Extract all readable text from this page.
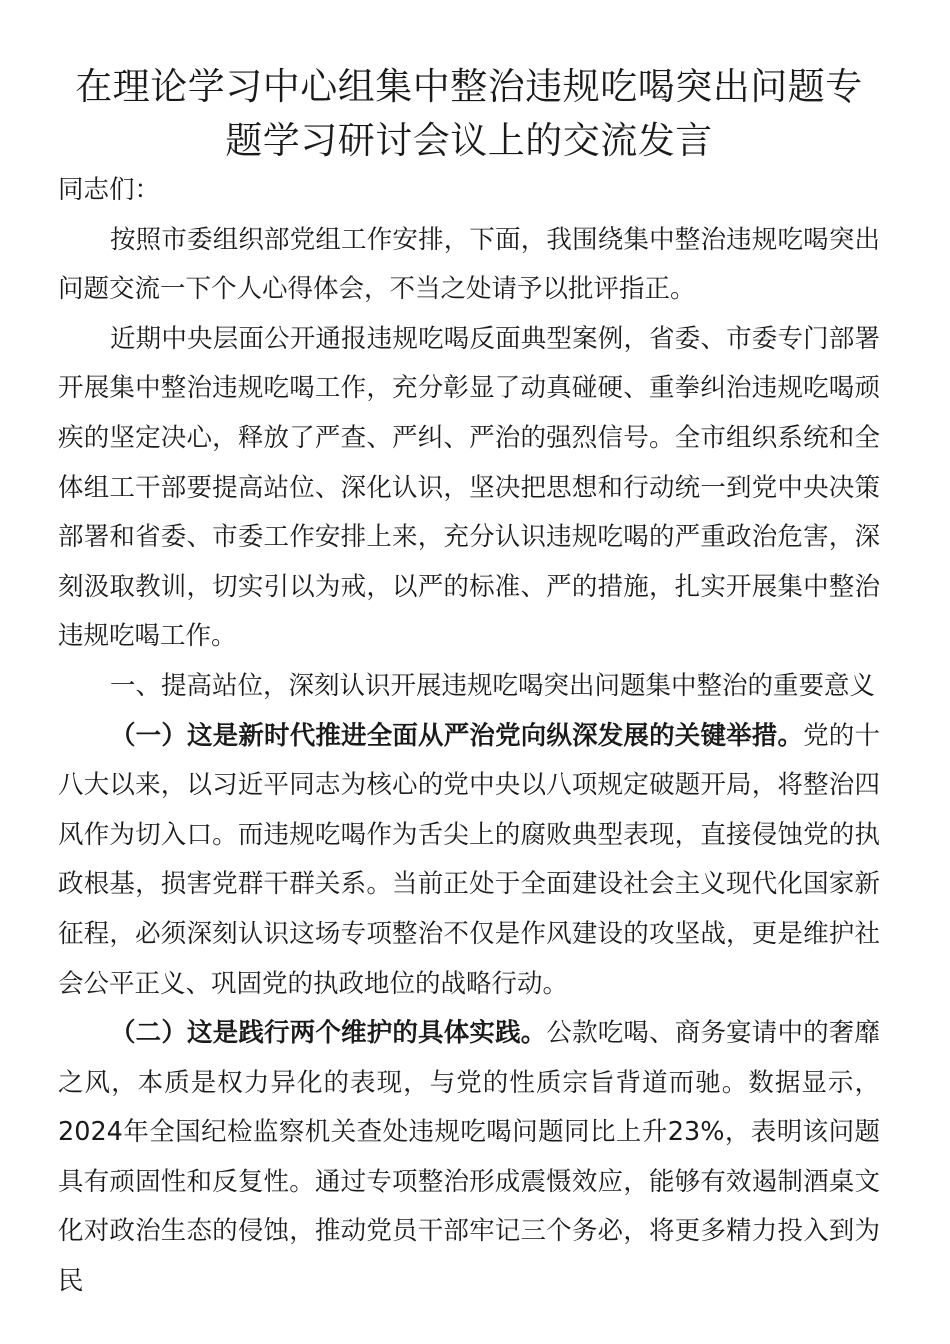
在理论学习中心组集中整治违规吃喝突出问题专题学习研讨会议上的交流发言

同志们：

按照市委组织部党组工作安排，下面，我围绕集中整治违规吃喝突出问题交流一下个人心得体会，不当之处请予以批评指正。

近期中央层面公开通报违规吃喝反面典型案例，省委、市委专门部署开展集中整治违规吃喝工作，充分彰显了动真碰硬、重拳纠治违规吃喝顽疾的坚定决心，释放了严查、严纠、严治的强烈信号。全市组织系统和全体组工干部要提高站位、深化认识，坚决把思想和行动统一到党中央决策部署和省委、市委工作安排上来，充分认识违规吃喝的严重政治危害，深刻汲取教训，切实引以为戒，以严的标准、严的措施，扎实开展集中整治违规吃喝工作。

一、提高站位，深刻认识开展违规吃喝突出问题集中整治的重要意义

（一）这是新时代推进全面从严治党向纵深发展的关键举措。党的十八大以来，以习近平同志为核心的党中央以八项规定破题开局，将整治四风作为切入口。而违规吃喝作为舌尖上的腐败典型表现，直接侵蚀党的执政根基，损害党群干群关系。当前正处于全面建设社会主义现代化国家新征程，必须深刻认识这场专项整治不仅是作风建设的攻坚战，更是维护社会公平正义、巩固党的执政地位的战略行动。

（二）这是践行两个维护的具体实践。公款吃喝、商务宴请中的奢靡之风，本质是权力异化的表现，与党的性质宗旨背道而驰。数据显示，2024年全国纪检监察机关查处违规吃喝问题同比上升23%，表明该问题具有顽固性和反复性。通过专项整治形成震慑效应，能够有效遏制酒桌文化对政治生态的侵蚀，推动党员干部牢记三个务必，将更多精力投入到为民
